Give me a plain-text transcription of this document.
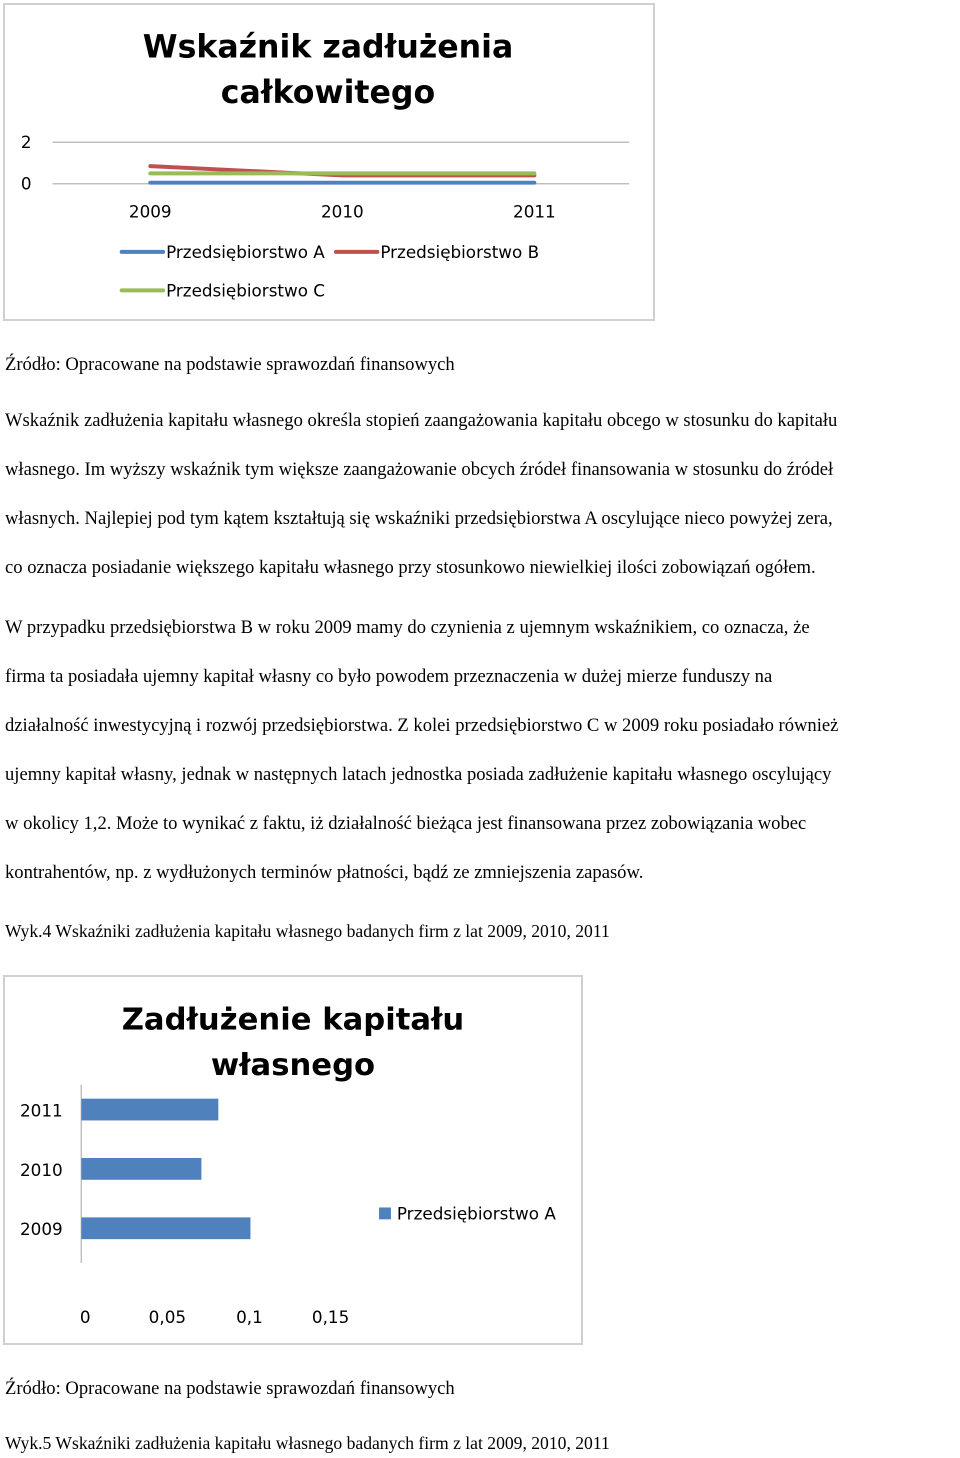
Wskaźnik zadłużenia
całkowitego
2
0
2009	2010	2011
Przedsiębiorstwo A	Przedsiębiorstwo B
Przedsiębiorstwo C

Źródło: Opracowane na podstawie sprawozdań finansowych

Wskaźnik zadłużenia kapitału własnego określa stopień zaangażowania kapitału obcego w stosunku do kapitału

własnego. Im wyższy wskaźnik tym większe zaangażowanie obcych źródeł finansowania w stosunku do źródeł

własnych. Najlepiej pod tym kątem kształtują się wskaźniki przedsiębiorstwa A oscylujące nieco powyżej zera,

co oznacza posiadanie większego kapitału własnego przy stosunkowo niewielkiej ilości zobowiązań ogółem.

W przypadku przedsiębiorstwa B w roku 2009 mamy do czynienia z ujemnym wskaźnikiem, co oznacza, że

firma ta posiadała ujemny kapitał własny co było powodem przeznaczenia w dużej mierze funduszy na

działalność inwestycyjną i rozwój przedsiębiorstwa. Z kolei przedsiębiorstwo C w 2009 roku posiadało również

ujemny kapitał własny, jednak w następnych latach jednostka posiada zadłużenie kapitału własnego oscylujący

w okolicy 1,2. Może to wynikać z faktu, iż działalność bieżąca jest finansowana przez zobowiązania wobec

kontrahentów, np. z wydłużonych terminów płatności, bądź ze zmniejszenia zapasów.

Wyk.4 Wskaźniki zadłużenia kapitału własnego badanych firm z lat 2009, 2010, 2011

Zadłużenie kapitału
własnego
2011
2010
2009
0	0,05	0,1	0,15
Przedsiębiorstwo A

Źródło: Opracowane na podstawie sprawozdań finansowych

Wyk.5 Wskaźniki zadłużenia kapitału własnego badanych firm z lat 2009, 2010, 2011
